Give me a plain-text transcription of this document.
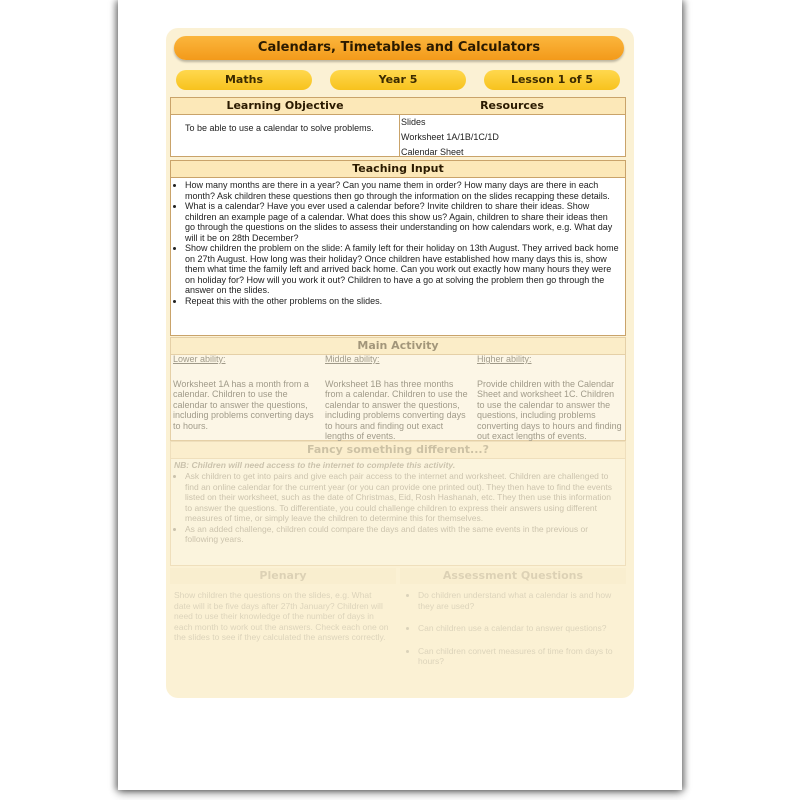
Calendars, Timetables and Calculators
Maths	Year 5	Lesson 1 of 5
Learning Objective
To be able to use a calendar to solve problems.
Resources
Slides
Worksheet 1A/1B/1C/1D
Calendar Sheet
Teaching Input
• How many months are there in a year? Can you name them in order? How many days are there in each month? Ask children these questions then go through the information on the slides recapping these details.
• What is a calendar? Have you ever used a calendar before? Invite children to share their ideas. Show children an example page of a calendar. What does this show us? Again, children to share their ideas then go through the questions on the slides to assess their understanding on how calendars work, e.g. What day will it be on 28th December?
• Show children the problem on the slide: A family left for their holiday on 13th August. They arrived back home on 27th August. How long was their holiday? Once children have established how many days this is, show them what time the family left and arrived back home. Can you work out exactly how many hours they were on holiday for? How will you work it out? Children to have a go at solving the problem then go through the answer on the slides.
• Repeat this with the other problems on the slides.
Main Activity
Lower ability:
Worksheet 1A has a month from a calendar. Children to use the calendar to answer the questions, including problems converting days to hours.
Middle ability:
Worksheet 1B has three months from a calendar. Children to use the calendar to answer the questions, including problems converting days to hours and finding out exact lengths of events.
Higher ability:
Provide children with the Calendar Sheet and worksheet 1C. Children to use the calendar to answer the questions, including problems converting days to hours and finding out exact lengths of events.
Fancy something different...?
NB: Children will need access to the internet to complete this activity.
• Ask children to get into pairs and give each pair access to the internet and worksheet. Children are challenged to find an online calendar for the current year (or you can provide one printed out). They then have to find the events listed on their worksheet, such as the date of Christmas, Eid, Rosh Hashanah, etc. They then use this information to answer the questions. To differentiate, you could challenge children to express their answers using different measures of time, or simply leave the children to determine this for themselves.
• As an added challenge, children could compare the days and dates with the same events in the previous or following years.
Plenary	Assessment Questions
Show children the questions on the slides, e.g. What date will it be five days after 27th January? Children will need to use their knowledge of the number of days in each month to work out the answers. Check each one on the slides to see if they calculated the answers correctly.
• Do children understand what a calendar is and how they are used?
• Can children use a calendar to answer questions?
• Can children convert measures of time from days to hours?
